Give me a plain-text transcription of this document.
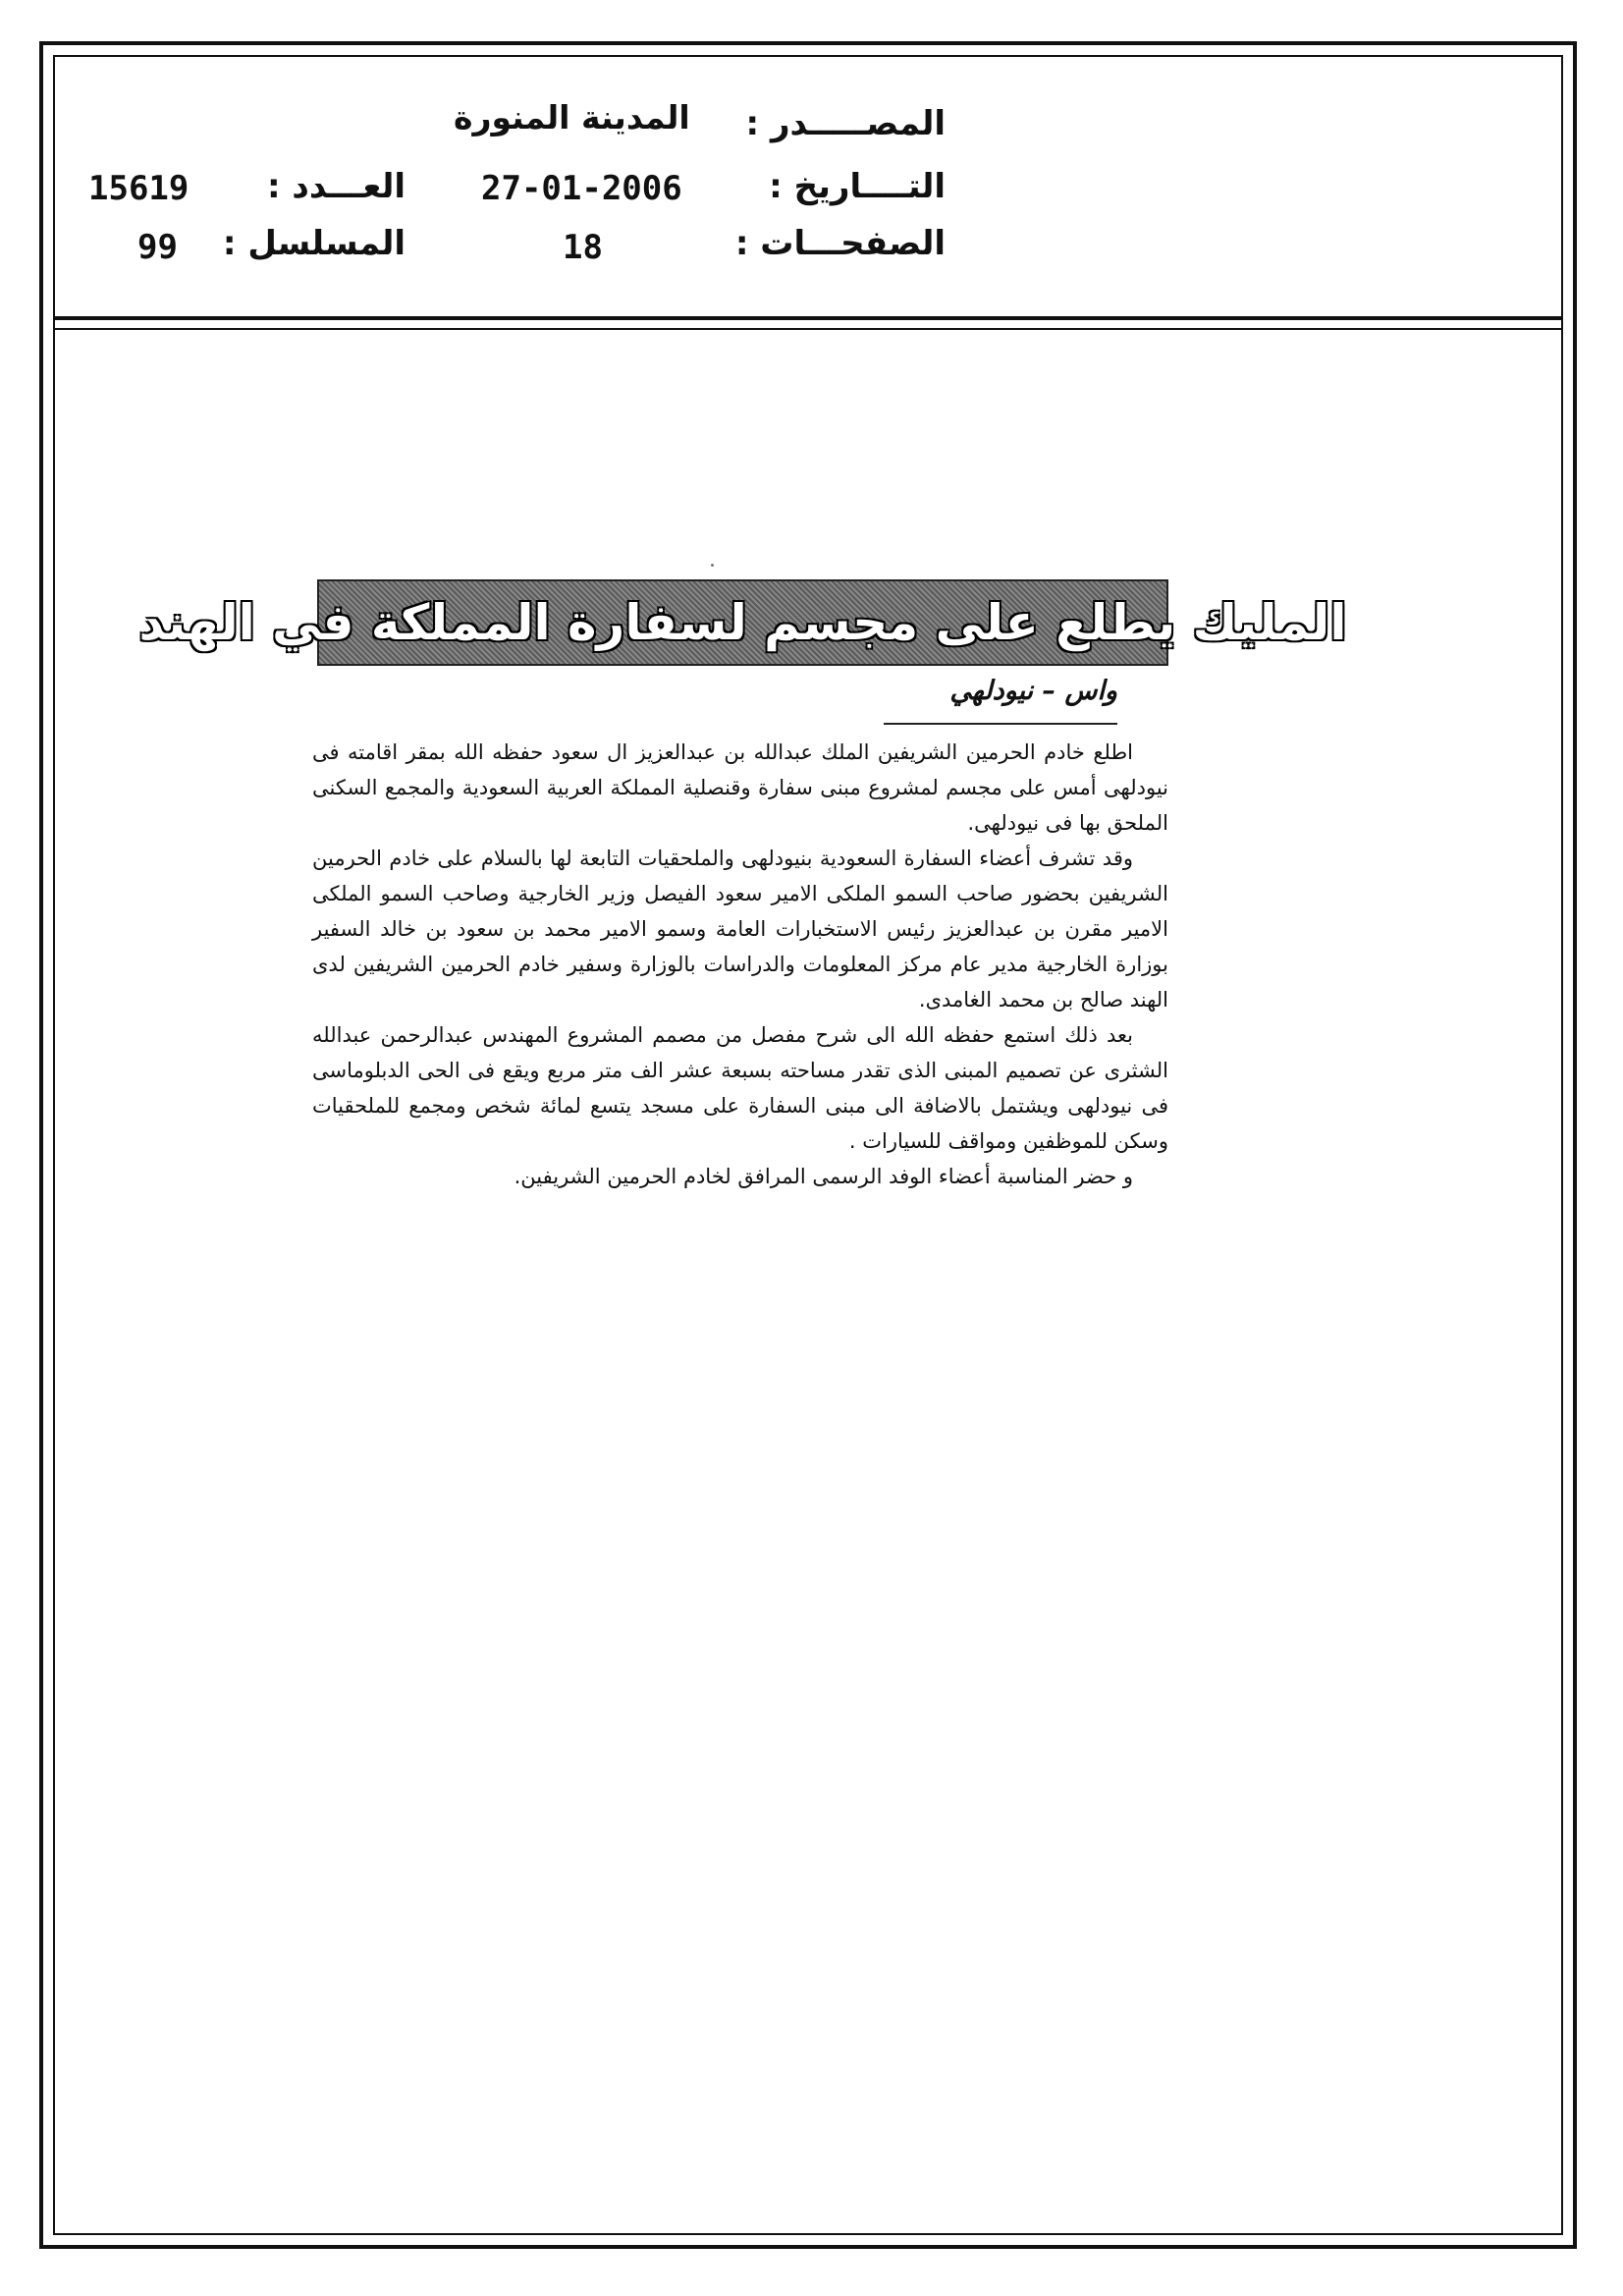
المصـــــدر :
المدينة المنورة
التــــاريخ :
27-01-2006
العـــدد :
15619
الصفحـــات :
18
المسلسل :
99
المليك يطلع على مجسم لسفارة المملكة في الهند
واس – نيودلهي

اطلع خادم الحرمين الشريفين الملك عبدالله بن عبدالعزيز ال سعود حفظه الله بمقر اقامته فى نيودلهى أمس على مجسم لمشروع مبنى سفارة وقنصلية المملكة العربية السعودية والمجمع السكنى الملحق بها فى نيودلهى.

وقد تشرف أعضاء السفارة السعودية بنيودلهى والملحقيات التابعة لها بالسلام على خادم الحرمين الشريفين بحضور صاحب السمو الملكى الامير سعود الفيصل وزير الخارجية وصاحب السمو الملكى الامير مقرن بن عبدالعزيز رئيس الاستخبارات العامة وسمو الامير محمد بن سعود بن خالد السفير بوزارة الخارجية مدير عام مركز المعلومات والدراسات بالوزارة وسفير خادم الحرمين الشريفين لدى الهند صالح بن محمد الغامدى.

بعد ذلك استمع حفظه الله الى شرح مفصل من مصمم المشروع المهندس عبدالرحمن عبدالله الشثرى عن تصميم المبنى الذى تقدر مساحته بسبعة عشر الف متر مربع ويقع فى الحى الدبلوماسى فى نيودلهى ويشتمل بالاضافة الى مبنى السفارة على مسجد يتسع لمائة شخص ومجمع للملحقيات وسكن للموظفين ومواقف للسيارات .

و حضر المناسبة أعضاء الوفد الرسمى المرافق لخادم الحرمين الشريفين.
